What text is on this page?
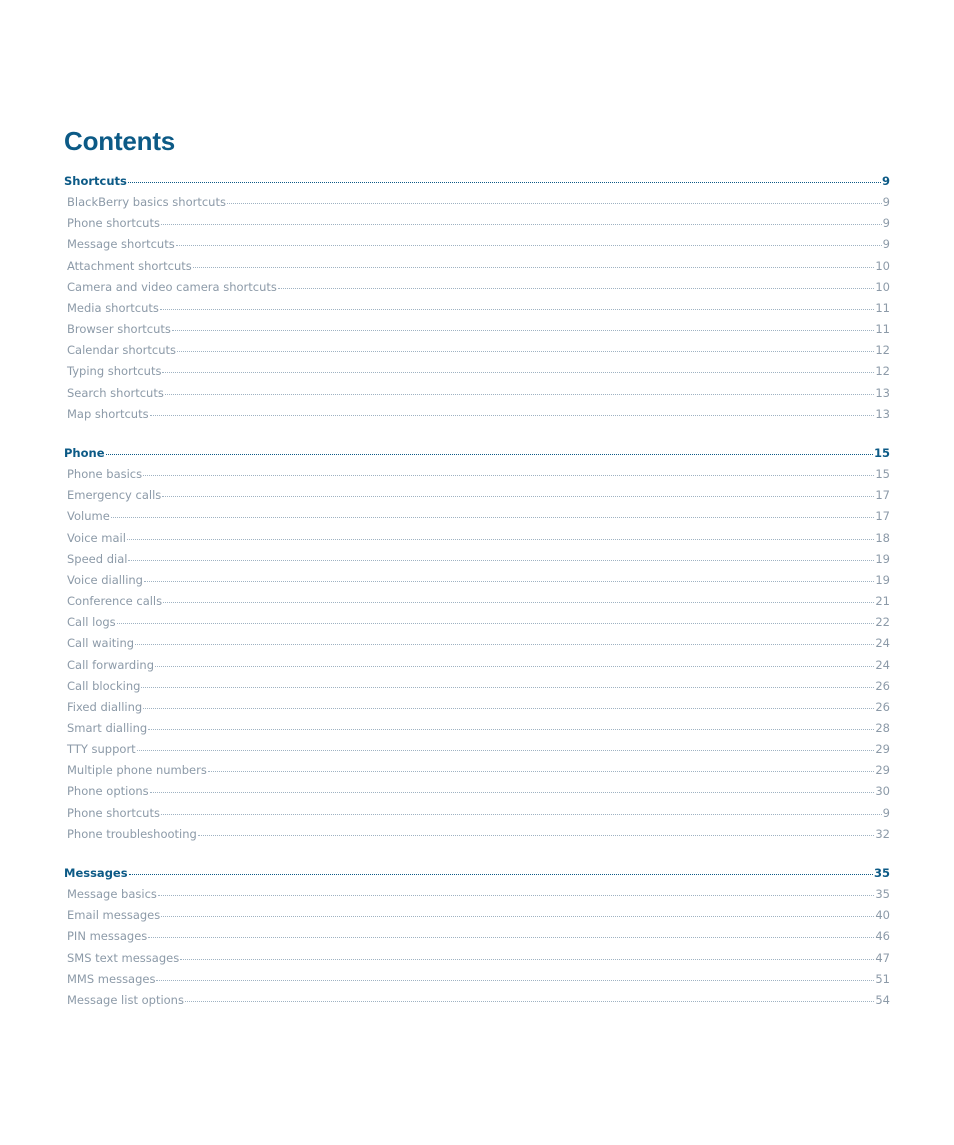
Contents
Shortcuts	9
BlackBerry basics shortcuts	9
Phone shortcuts	9
Message shortcuts	9
Attachment shortcuts	10
Camera and video camera shortcuts	10
Media shortcuts	11
Browser shortcuts	11
Calendar shortcuts	12
Typing shortcuts	12
Search shortcuts	13
Map shortcuts	13
Phone	15
Phone basics	15
Emergency calls	17
Volume	17
Voice mail	18
Speed dial	19
Voice dialling	19
Conference calls	21
Call logs	22
Call waiting	24
Call forwarding	24
Call blocking	26
Fixed dialling	26
Smart dialling	28
TTY support	29
Multiple phone numbers	29
Phone options	30
Phone shortcuts	9
Phone troubleshooting	32
Messages	35
Message basics	35
Email messages	40
PIN messages	46
SMS text messages	47
MMS messages	51
Message list options	54
